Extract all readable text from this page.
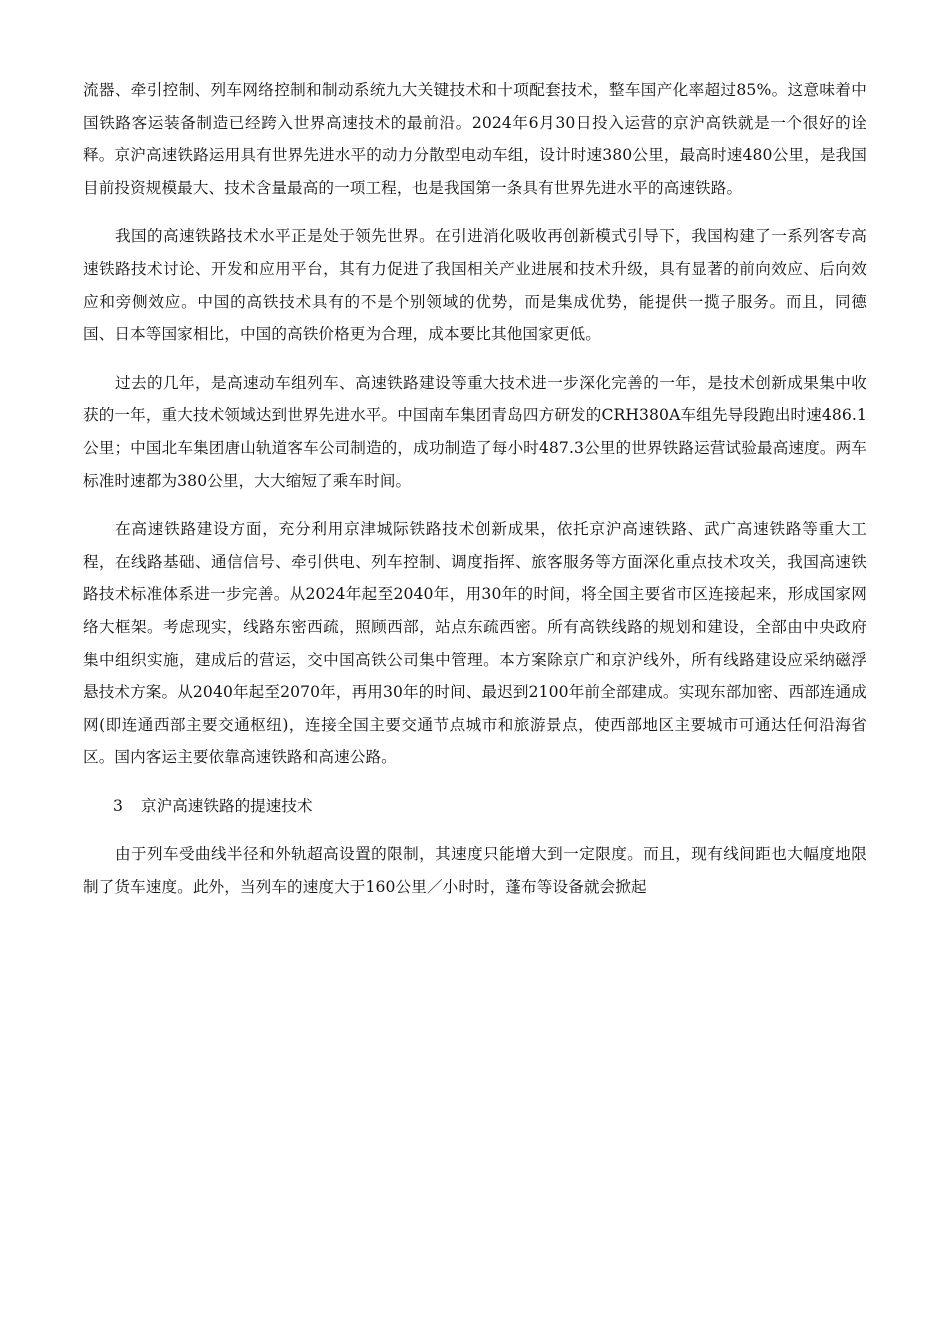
流器、牵引控制、列车网络控制和制动系统九大关键技术和十项配套技术，整车国产化率超过85%。这意味着中国铁路客运装备制造已经跨入世界高速技术的最前沿。2024年6月30日投入运营的京沪高铁就是一个很好的诠释。京沪高速铁路运用具有世界先进水平的动力分散型电动车组，设计时速380公里，最高时速480公里，是我国目前投资规模最大、技术含量最高的一项工程，也是我国第一条具有世界先进水平的高速铁路。

我国的高速铁路技术水平正是处于领先世界。在引进消化吸收再创新模式引导下，我国构建了一系列客专高速铁路技术讨论、开发和应用平台，其有力促进了我国相关产业进展和技术升级，具有显著的前向效应、后向效应和旁侧效应。中国的高铁技术具有的不是个别领域的优势，而是集成优势，能提供一揽子服务。而且，同德国、日本等国家相比，中国的高铁价格更为合理，成本要比其他国家更低。

过去的几年，是高速动车组列车、高速铁路建设等重大技术进一步深化完善的一年，是技术创新成果集中收获的一年，重大技术领域达到世界先进水平。中国南车集团青岛四方研发的CRH380A车组先导段跑出时速486.1公里；中国北车集团唐山轨道客车公司制造的，成功制造了每小时487.3公里的世界铁路运营试验最高速度。两车标准时速都为380公里，大大缩短了乘车时间。

在高速铁路建设方面，充分利用京津城际铁路技术创新成果，依托京沪高速铁路、武广高速铁路等重大工程，在线路基础、通信信号、牵引供电、列车控制、调度指挥、旅客服务等方面深化重点技术攻关，我国高速铁路技术标准体系进一步完善。从2024年起至2040年，用30年的时间，将全国主要省市区连接起来，形成国家网络大框架。考虑现实，线路东密西疏，照顾西部，站点东疏西密。所有高铁线路的规划和建设，全部由中央政府集中组织实施，建成后的营运，交中国高铁公司集中管理。本方案除京广和京沪线外，所有线路建设应采纳磁浮悬技术方案。从2040年起至2070年，再用30年的时间、最迟到2100年前全部建成。实现东部加密、西部连通成网(即连通西部主要交通枢纽)，连接全国主要交通节点城市和旅游景点，使西部地区主要城市可通达任何沿海省区。国内客运主要依靠高速铁路和高速公路。

3 京沪高速铁路的提速技术

由于列车受曲线半径和外轨超高设置的限制，其速度只能增大到一定限度。而且，现有线间距也大幅度地限制了货车速度。此外，当列车的速度大于160公里／小时时，蓬布等设备就会掀起
